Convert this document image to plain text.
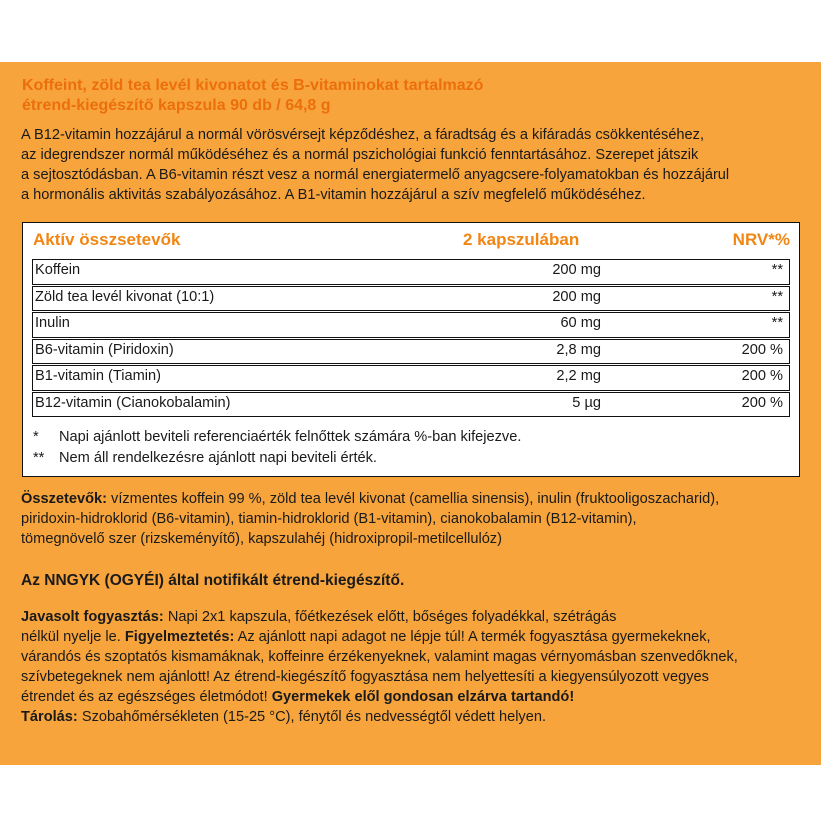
Koffeint, zöld tea levél kivonatot és B-vitaminokat tartalmazó
étrend-kiegészítő kapszula 90 db / 64,8 g

A B12-vitamin hozzájárul a normál vörösvérsejt képződéshez, a fáradtság és a kifáradás csökkentéséhez,
az idegrendszer normál működéséhez és a normál pszichológiai funkció fenntartásához. Szerepet játszik
a sejtosztódásban. A B6-vitamin részt vesz a normál energiatermelő anyagcsere-folyamatokban és hozzájárul
a hormonális aktivitás szabályozásához. A B1-vitamin hozzájárul a szív megfelelő működéséhez.

Aktív összsetevők	2 kapszulában	NRV*%
Koffein	200 mg	**
Zöld tea levél kivonat (10:1)	200 mg	**
Inulin	60 mg	**
B6-vitamin (Piridoxin)	2,8 mg	200 %
B1-vitamin (Tiamin)	2,2 mg	200 %
B12-vitamin (Cianokobalamin)	5 µg	200 %
* Napi ajánlott beviteli referenciaérték felnőttek számára %-ban kifejezve.
** Nem áll rendelkezésre ajánlott napi beviteli érték.

Összetevők: vízmentes koffein 99 %, zöld tea levél kivonat (camellia sinensis), inulin (fruktooligoszacharid),
piridoxin-hidroklorid (B6-vitamin), tiamin-hidroklorid (B1-vitamin), cianokobalamin (B12-vitamin),
tömegnövelő szer (rizskeményítő), kapszulahéj (hidroxipropil-metilcellulóz)

Az NNGYK (OGYÉI) által notifikált étrend-kiegészítő.

Javasolt fogyasztás: Napi 2x1 kapszula, főétkezések előtt, bőséges folyadékkal, szétrágás
nélkül nyelje le. Figyelmeztetés: Az ajánlott napi adagot ne lépje túl! A termék fogyasztása gyermekeknek,
várandós és szoptatós kismamáknak, koffeinre érzékenyeknek, valamint magas vérnyomásban szenvedőknek,
szívbetegeknek nem ajánlott! Az étrend-kiegészítő fogyasztása nem helyettesíti a kiegyensúlyozott vegyes
étrendet és az egészséges életmódot! Gyermekek elől gondosan elzárva tartandó!
Tárolás: Szobahőmérsékleten (15-25 °C), fénytől és nedvességtől védett helyen.
